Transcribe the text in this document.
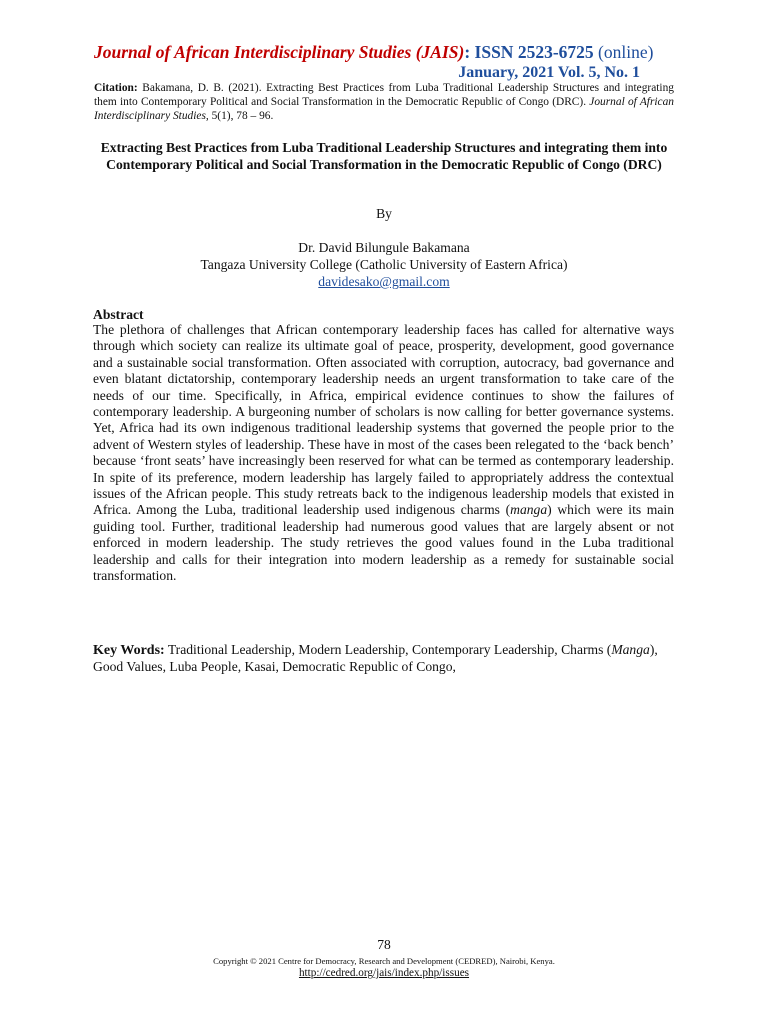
Journal of African Interdisciplinary Studies (JAIS): ISSN 2523-6725 (online)
January, 2021 Vol. 5, No. 1
Citation: Bakamana, D. B. (2021). Extracting Best Practices from Luba Traditional Leadership Structures and integrating them into Contemporary Political and Social Transformation in the Democratic Republic of Congo (DRC). Journal of African Interdisciplinary Studies, 5(1), 78 – 96.
Extracting Best Practices from Luba Traditional Leadership Structures and integrating them into Contemporary Political and Social Transformation in the Democratic Republic of Congo (DRC)
By
Dr. David Bilungule Bakamana
Tangaza University College (Catholic University of Eastern Africa)
davidesako@gmail.com
Abstract
The plethora of challenges that African contemporary leadership faces has called for alternative ways through which society can realize its ultimate goal of peace, prosperity, development, good governance and a sustainable social transformation. Often associated with corruption, autocracy, bad governance and even blatant dictatorship, contemporary leadership needs an urgent transformation to take care of the needs of our time. Specifically, in Africa, empirical evidence continues to show the failures of contemporary leadership. A burgeoning number of scholars is now calling for better governance systems. Yet, Africa had its own indigenous traditional leadership systems that governed the people prior to the advent of Western styles of leadership. These have in most of the cases been relegated to the ‘back bench’ because ‘front seats’ have increasingly been reserved for what can be termed as contemporary leadership. In spite of its preference, modern leadership has largely failed to appropriately address the contextual issues of the African people. This study retreats back to the indigenous leadership models that existed in Africa. Among the Luba, traditional leadership used indigenous charms (manga) which were its main guiding tool. Further, traditional leadership had numerous good values that are largely absent or not enforced in modern leadership. The study retrieves the good values found in the Luba traditional leadership and calls for their integration into modern leadership as a remedy for sustainable social transformation.
Key Words: Traditional Leadership, Modern Leadership, Contemporary Leadership, Charms (Manga), Good Values, Luba People, Kasai, Democratic Republic of Congo,
78
Copyright © 2021 Centre for Democracy, Research and Development (CEDRED), Nairobi, Kenya.
http://cedred.org/jais/index.php/issues
